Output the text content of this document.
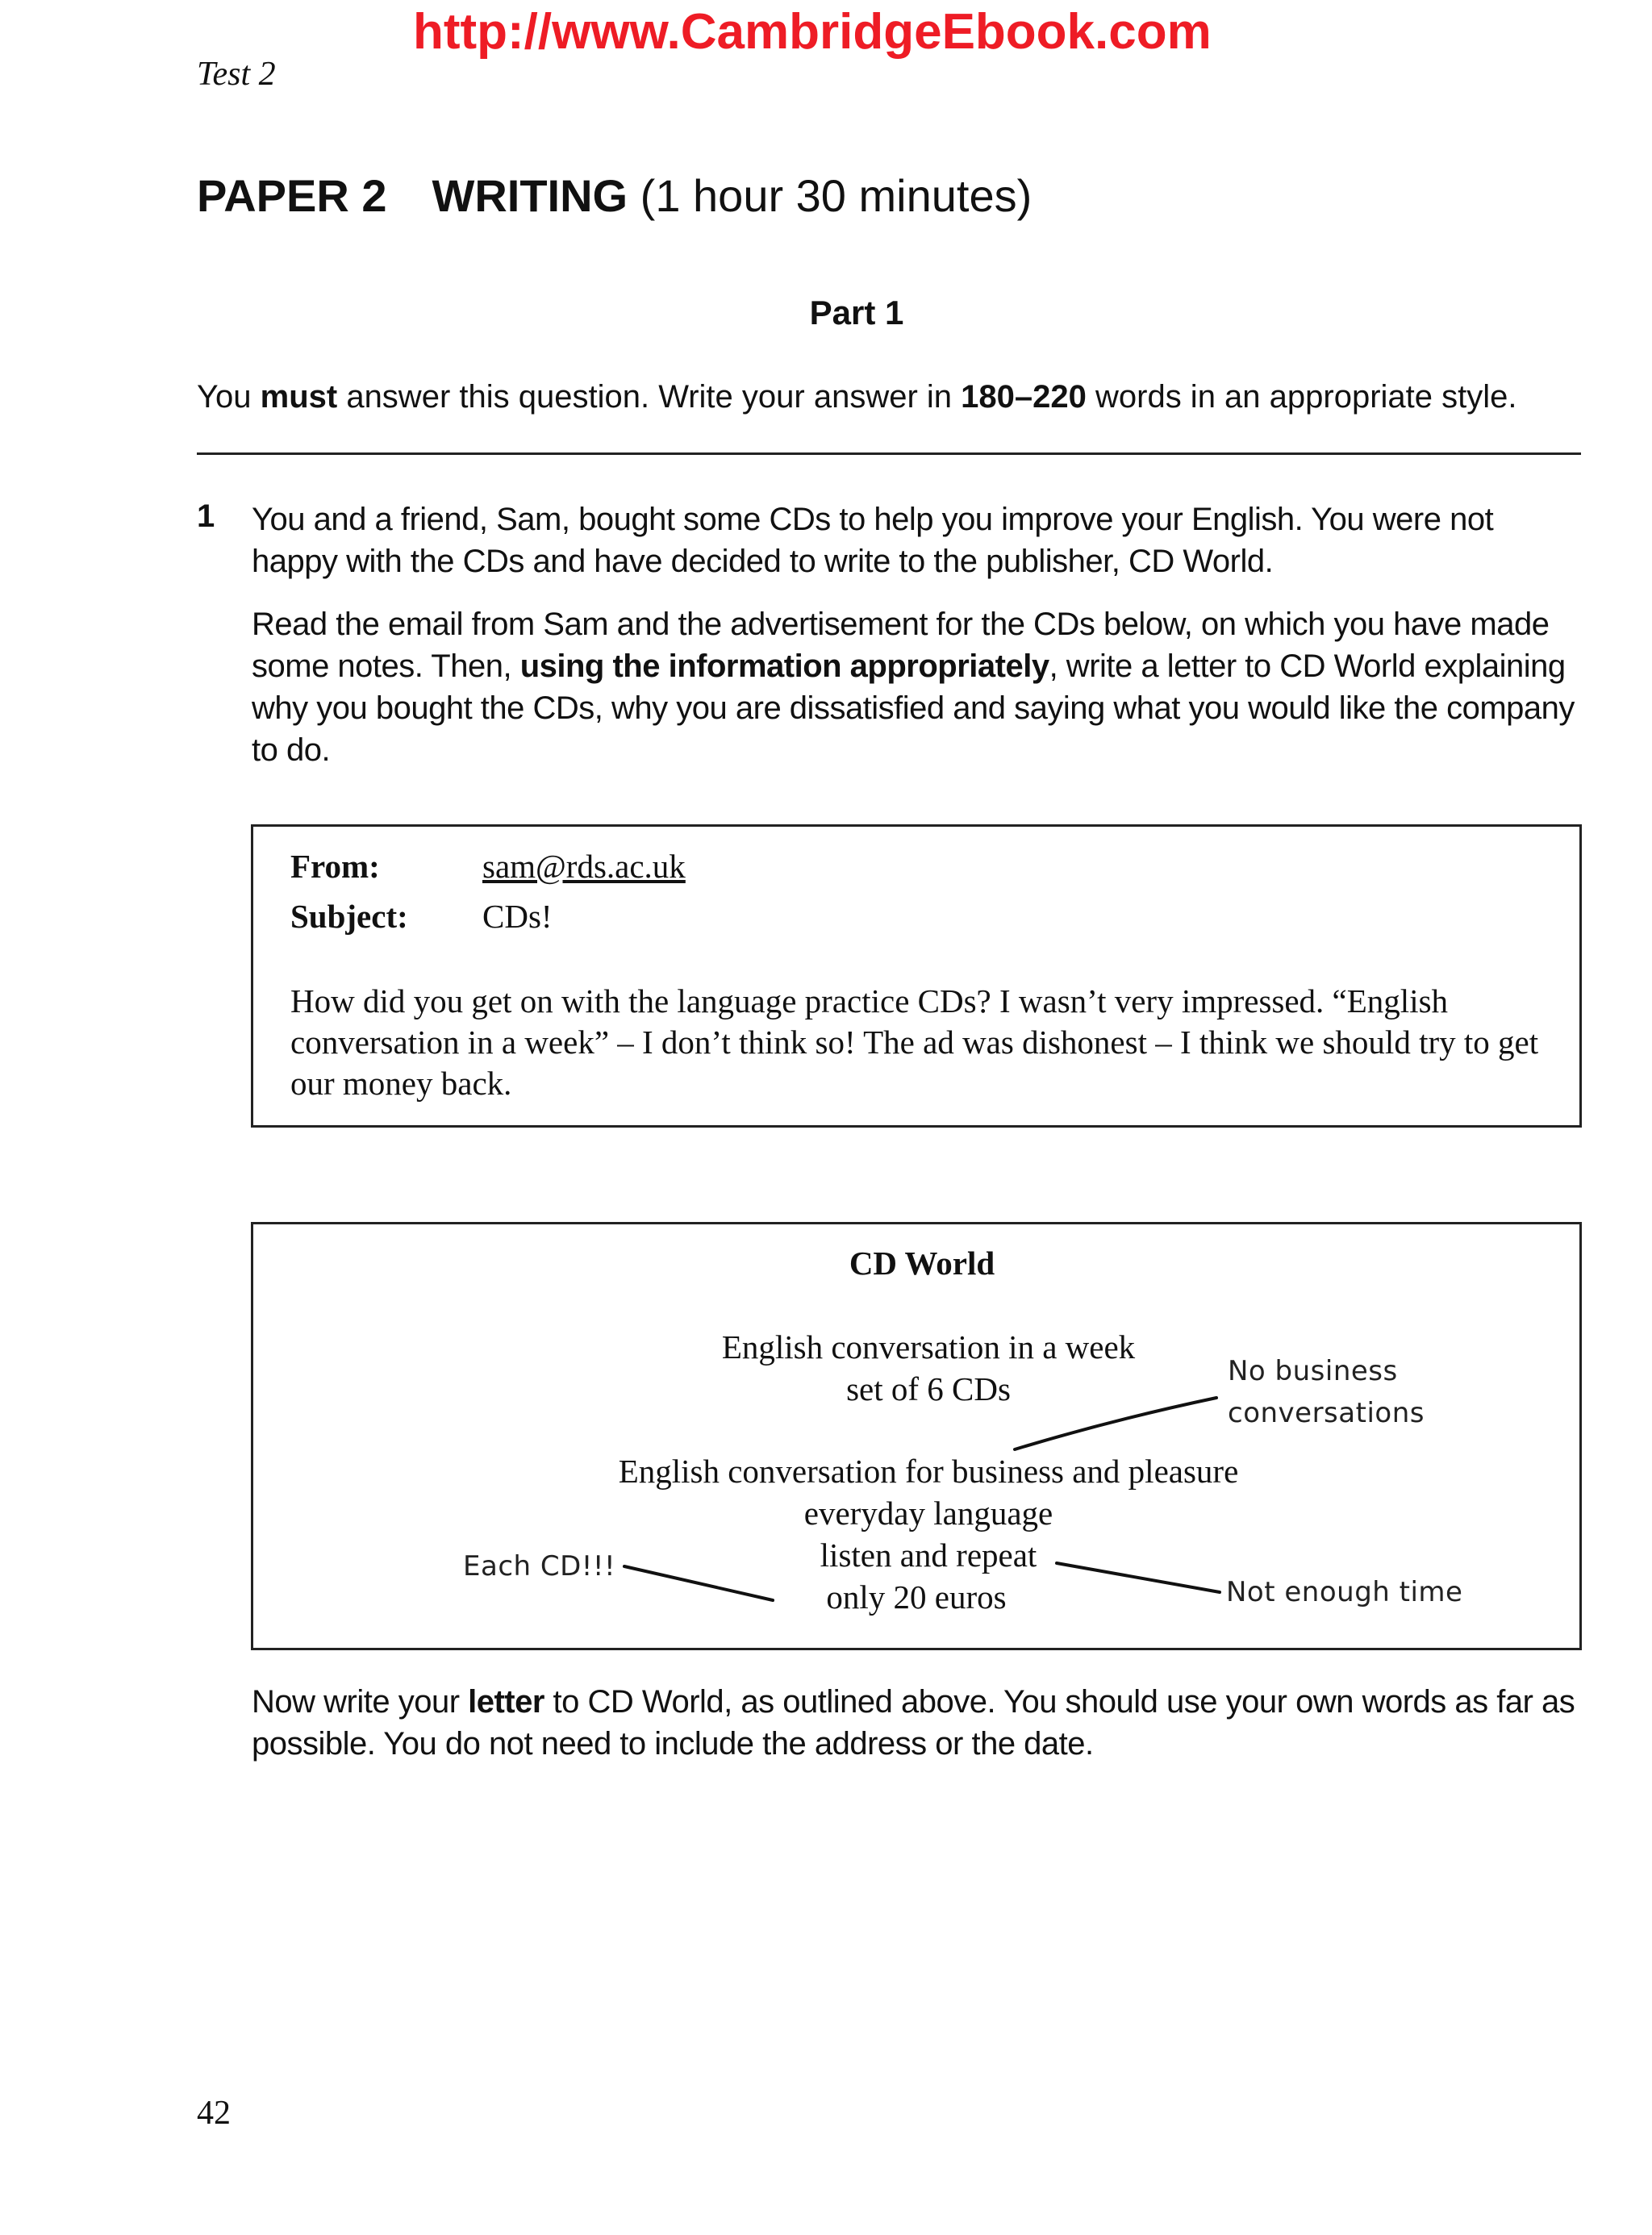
http://www.CambridgeEbook.com
Test 2
PAPER 2 WRITING (1 hour 30 minutes)
Part 1
You must answer this question. Write your answer in 180–220 words in an appropriate style.
1 You and a friend, Sam, bought some CDs to help you improve your English. You were not happy with the CDs and have decided to write to the publisher, CD World.
Read the email from Sam and the advertisement for the CDs below, on which you have made some notes. Then, using the information appropriately, write a letter to CD World explaining why you bought the CDs, why you are dissatisfied and saying what you would like the company to do.
From:	sam@rds.ac.uk
Subject: CDs!
How did you get on with the language practice CDs? I wasn’t very impressed. “English conversation in a week” – I don’t think so! The ad was dishonest – I think we should try to get our money back.
CD World
English conversation in a week
set of 6 CDs
English conversation for business and pleasure
everyday language
listen and repeat
only 20 euros
No business
conversations
Each CD!!!
Not enough time
Now write your letter to CD World, as outlined above. You should use your own words as far as possible. You do not need to include the address or the date.
42
